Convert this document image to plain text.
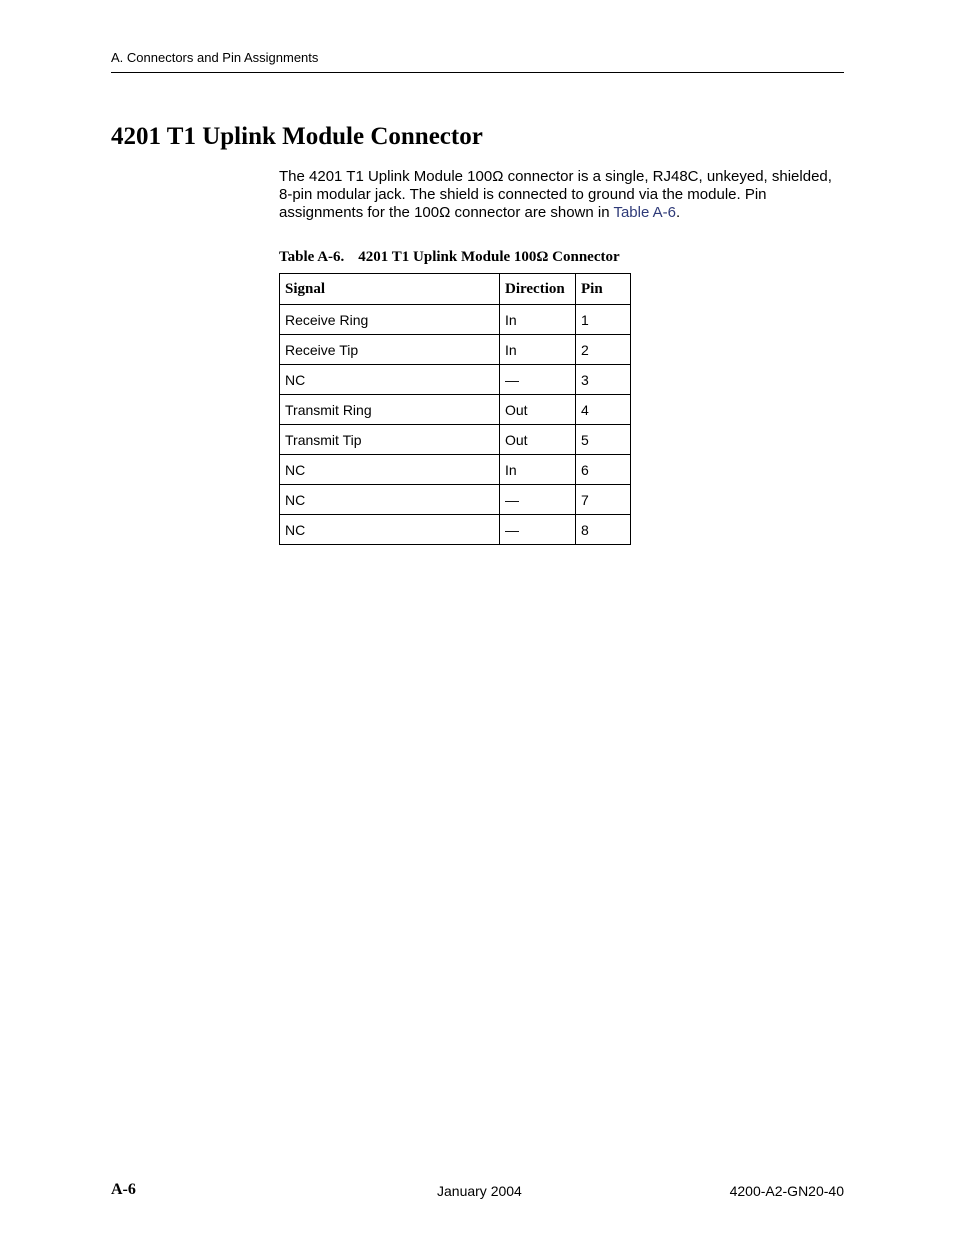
A. Connectors and Pin Assignments
4201 T1 Uplink Module Connector

The 4201 T1 Uplink Module 100Ω connector is a single, RJ48C, unkeyed, shielded, 8-pin modular jack. The shield is connected to ground via the module. Pin assignments for the 100Ω connector are shown in Table A-6.

Table A-6. 4201 T1 Uplink Module 100Ω Connector
Signal	Direction	Pin
Receive Ring	In	1
Receive Tip	In	2
NC	—	3
Transmit Ring	Out	4
Transmit Tip	Out	5
NC	In	6
NC	—	7
NC	—	8
A-6	January 2004	4200-A2-GN20-40
